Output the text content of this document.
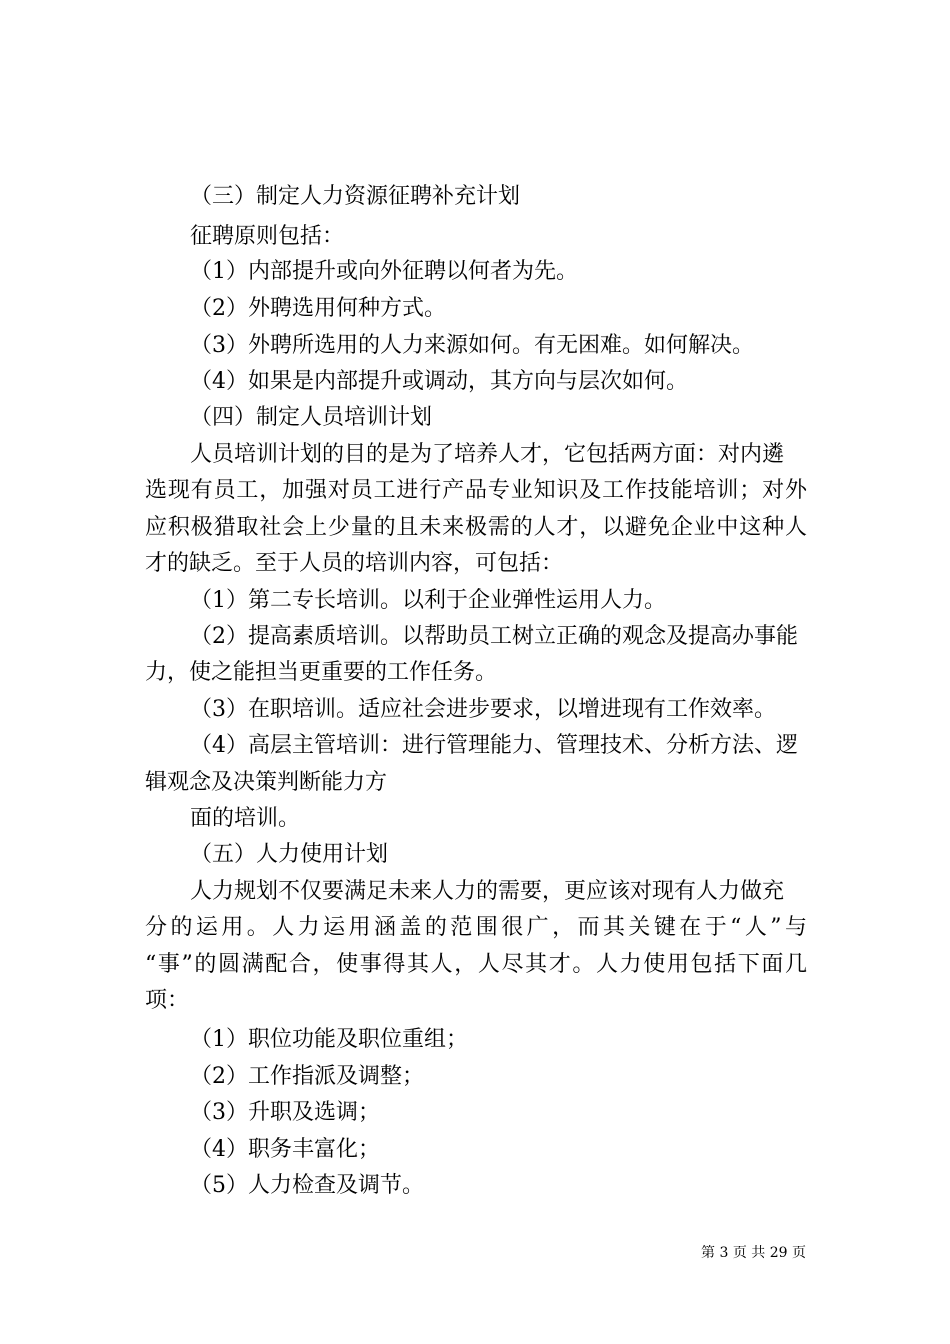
（三）制定人力资源征聘补充计划
征聘原则包括：
（1）内部提升或向外征聘以何者为先。
（2）外聘选用何种方式。
（3）外聘所选用的人力来源如何。有无困难。如何解决。
（4）如果是内部提升或调动，其方向与层次如何。
（四）制定人员培训计划
人员培训计划的目的是为了培养人才，它包括两方面：对内遴
选现有员工，加强对员工进行产品专业知识及工作技能培训；对外
应积极猎取社会上少量的且未来极需的人才，以避免企业中这种人
才的缺乏。至于人员的培训内容，可包括：
（1）第二专长培训。以利于企业弹性运用人力。
（2）提高素质培训。以帮助员工树立正确的观念及提高办事能
力，使之能担当更重要的工作任务。
（3）在职培训。适应社会进步要求，以增进现有工作效率。
（4）高层主管培训：进行管理能力、管理技术、分析方法、逻
辑观念及决策判断能力方
面的培训。
（五）人力使用计划
人力规划不仅要满足未来人力的需要，更应该对现有人力做充
分的运用。人力运用涵盖的范围很广，而其关键在于“人”与
“事”的圆满配合，使事得其人，人尽其才。人力使用包括下面几
项：
（1）职位功能及职位重组；
（2）工作指派及调整；
（3）升职及选调；
（4）职务丰富化；
（5）人力检查及调节。
第 3 页 共 29 页
